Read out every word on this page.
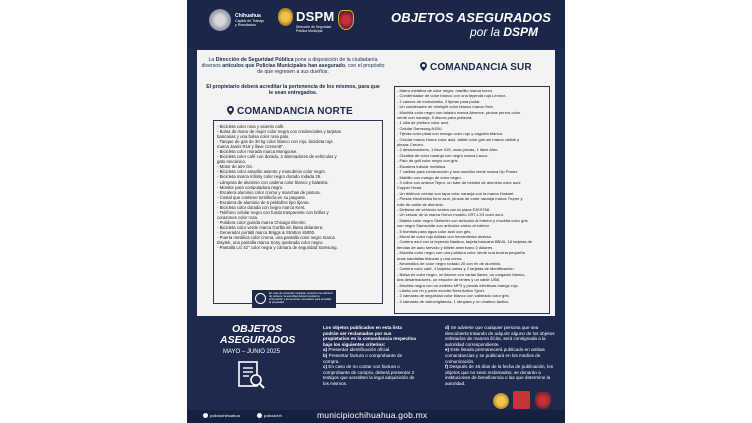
Chihuahua
Capital de Trabajo
y Resultados
DSPM
Dirección de Seguridad
Pública Municipal
OBJETOS ASEGURADOS
por la DSPM
La Dirección de Seguridad Pública pone a disposición de la ciudadanía diversos artículos que Policías Municipales han asegurado, con el propósito de que regresen a sus dueños.
El propietario deberá acreditar la pertenencia de los mismos, para que le sean entregados.
COMANDANCIA NORTE
- Bicicleta color rosa y asiento café.
- Bolsa de mano de mujer color negra con credenciales y tarjetas
bancarias y una bolsa color rosa palo.
- Tanque de gas de 30 kg color blanco con rojo, bicicleta roja
marca Jamis R16 y llave Cresentt".
- Bicicleta color morada marca Mongoose.
- Bicicleta color café con dorado, 2 alternadores de vehículos y
gato mecánico.
- Motor de aire Ge.
- Bicicleta color amarillo asiento y manubrios color negro.
- Bicicleta marca Infinity color negro dorado rodada 26.
- Lámpara de aluminio con cadena color blanco y balastra.
- Monitor para computadora negro.
- Escalera aluminio color cromo y manchas de pintura.
- Costal que contiene tornillería en su paquete.
- Escalera de aluminio de 6 peldaños tipo tijeras.
- Bicicleta color dorada con negro marca Kent.
- Teléfono celular negro con funda trasparente con brillos y
corazones color rosa.
- Pulidora color guinda marca Chicago Electric.
- Bicicleta color verde marca Gorilla sin llanta delantera.
- Generador portátil marca Briggs & Stratton s5000.
- Puerta metálica color crema, una pantalla color negro marca
Daytek, una pantalla marca Sony quebrada color negro.
- Pantalla LG 42" color negra y cámara de seguridad Samsung.
En caso de presentar cualquier persona una solicitud de reclamo, la autoridad deberá recabar la información y documentos necesarios para acreditar la propiedad.
COMANDANCIA SUR
- Marro metálico de color negro, martillo marca Ineco.
- Condensador de color blanco con una leyenda roja Lennox.
- 2 cascos de motocicleta, 3 tijeras para podar.
- Un condesador de minisplit color blanco marca York.
- Mochila color negro con taladro marca Atvence, pinzas perros color
verde con naranja, 5 discos para pulidora.
- 1 silla de piniture color azul.
- Celular Samsung A15U.
- Tijeras color plata con mango color rojo y cagueta blanca.
- Celular marca Honor color azul, tablet color gris sin marca visible y
pinzas Crecen.
- 2 desarmadores, 1 llave #15, unas pinzas, 1 llave Alen.
- Cizallas de color naranja con negro marca Lacco.
- Palo de golf color negro con gris.
- Escalera tubular metálica.
- 7 varillas para construcción y una mochila verde marca Hp Power.
- Martillo con mango de color negro.
- 3 rollos con antena Tepro, un bate de beisbol de aluminio color azul
Copper Head.
- Un teléfono celular con tapa color naranja con la marca Huawei.
- Pinzas electricista forro azul, pinzas de corte naranja marca Truper y
rollo de cable de aluminio.
- Defensa de vehículo sentra con la placa EJK9768.
- Un celular de la marca Honor modelo CRT-LX3 color azul.
- Maleta color negro Sketcher con artículos al interior y mochila color gris
con negro Samsonite con artículos varios al interior.
- 5 bombas para agua color azul con gris.
- Moral de color rojo Adidas con herramienta diversa.
- Cartera azul con la leyenda Nautica, tarjeta bancaria BBVA, 16 tarjetas de
tiendas de auto servicio y billete americano 2 dólares.
- Mochila color negro con una pulidora color verde una bocina pequeña
unas sandalias blancas y una corna.
- Neumático de color negro rodado 20 con rin de aluminio.
- Cartera color café, 4 tarjetas varias y 2 tarjetas de identificación.
- Bolsa en color negro, un llavero con varias llaves, un cargador blanco,
dos desarmadores, un estuche de lentes y un cable USB.
- Mochila negra con un estéreo MP3 y pinzas eléctricas mango rojo.
- Llanta con rin y patín scooter Next Action Sport.
- 2 cámaras de seguridad color blanco con cableado color gris.
- 3 cámaras de videovigilancia, 1 lámpara y un chaleco táctico.
OBJETOS
ASEGURADOS
MAYO – JUNIO 2025

Los objetos publicados en esta lista podrán ser reclamados por sus propietarios en la comandancia respectiva bajo los siguientes criterios:

a) Presentar identificación oficial.

b) Presentar factura o comprobante de compra.

c) En caso de no contar con factura o comprobante de compra, deberá presentar 2 testigos que acrediten la legal adquisición de los mismos.

d) Se advierte que cualquier persona que sea descubierta tratando de adquirir alguno de los objetos enlistados de manera ilícita, será consignada a la autoridad correspondiente.

e) Este listado permanecerá publicado en ambas comandancias y se publicará en los medios de comunicación.

f) Después de 45 días de la fecha de publicación, los objetos que no sean reclamados, se donarán a instituciones de beneficencia o las que determine la autoridad.

policiachihuahua	policiachh	municipiochihuahua.gob.mx
